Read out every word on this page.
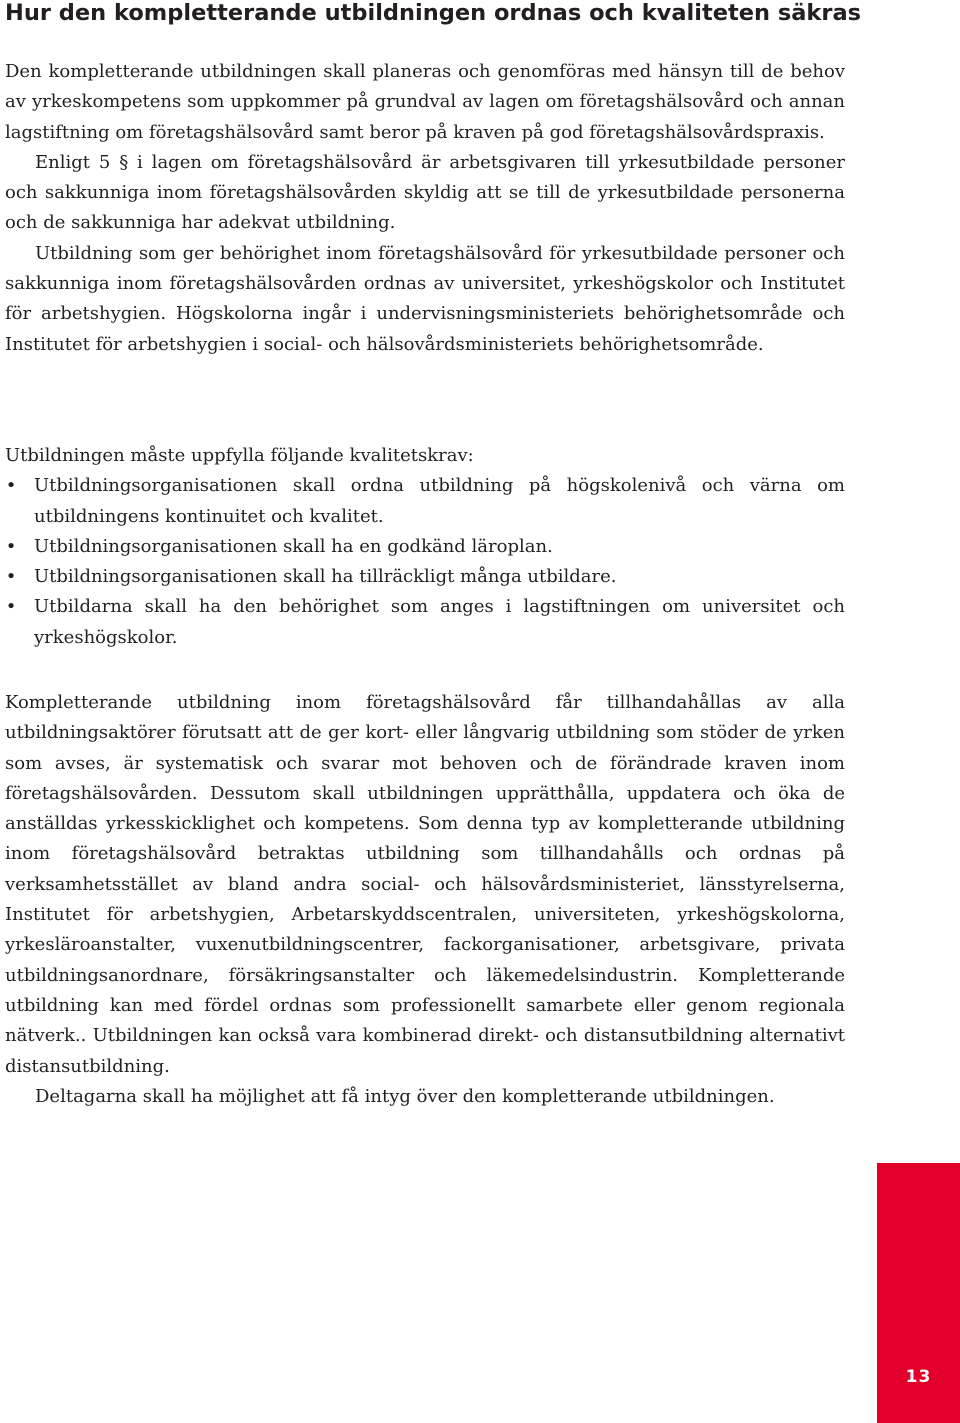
Hur den kompletterande utbildningen ordnas och kvaliteten säkras

Den kompletterande utbildningen skall planeras och genomföras med hänsyn till de behov av yrkeskompetens som uppkommer på grundval av lagen om företagshälsovård och annan lagstiftning om företagshälsovård samt beror på kraven på god företagshälsovårdspraxis.

Enligt 5 § i lagen om företagshälsovård är arbetsgivaren till yrkesutbildade personer och sakkunniga inom företagshälsovården skyldig att se till de yrkesutbildade personerna och de sakkunniga har adekvat utbildning.

Utbildning som ger behörighet inom företagshälsovård för yrkesutbildade personer och sakkunniga inom företagshälsovården ordnas av universitet, yrkeshögskolor och Institutet för arbetshygien. Högskolorna ingår i undervisningsministeriets behörighetsområde och Institutet för arbetshygien i social- och hälsovårdsministeriets behörighetsområde.

Utbildningen måste uppfylla följande kvalitetskrav:

• Utbildningsorganisationen skall ordna utbildning på högskolenivå och värna om utbildningens kontinuitet och kvalitet.
• Utbildningsorganisationen skall ha en godkänd läroplan.
• Utbildningsorganisationen skall ha tillräckligt många utbildare.
• Utbildarna skall ha den behörighet som anges i lagstiftningen om universitet och yrkeshögskolor.

Kompletterande utbildning inom företagshälsovård får tillhandahållas av alla utbildningsaktörer förutsatt att de ger kort- eller långvarig utbildning som stöder de yrken som avses, är systematisk och svarar mot behoven och de förändrade kraven inom företagshälsovården. Dessutom skall utbildningen upprätthålla, uppdatera och öka de anställdas yrkesskicklighet och kompetens. Som denna typ av kompletterande utbildning inom företagshälsovård betraktas utbildning som tillhandahålls och ordnas på verksamhetsstället av bland andra social- och hälsovårdsministeriet, länsstyrelserna, Institutet för arbetshygien, Arbetarskyddscentralen, universiteten, yrkeshögskolorna, yrkesläroanstalter, vuxenutbildningscentrer, fackorganisationer, arbetsgivare, privata utbildningsanordnare, försäkringsanstalter och läkemedelsindustrin. Kompletterande utbildning kan med fördel ordnas som professionellt samarbete eller genom regionala nätverk.. Utbildningen kan också vara kombinerad direkt- och distansutbildning alternativt distansutbildning.

Deltagarna skall ha möjlighet att få intyg över den kompletterande utbildningen.

13
